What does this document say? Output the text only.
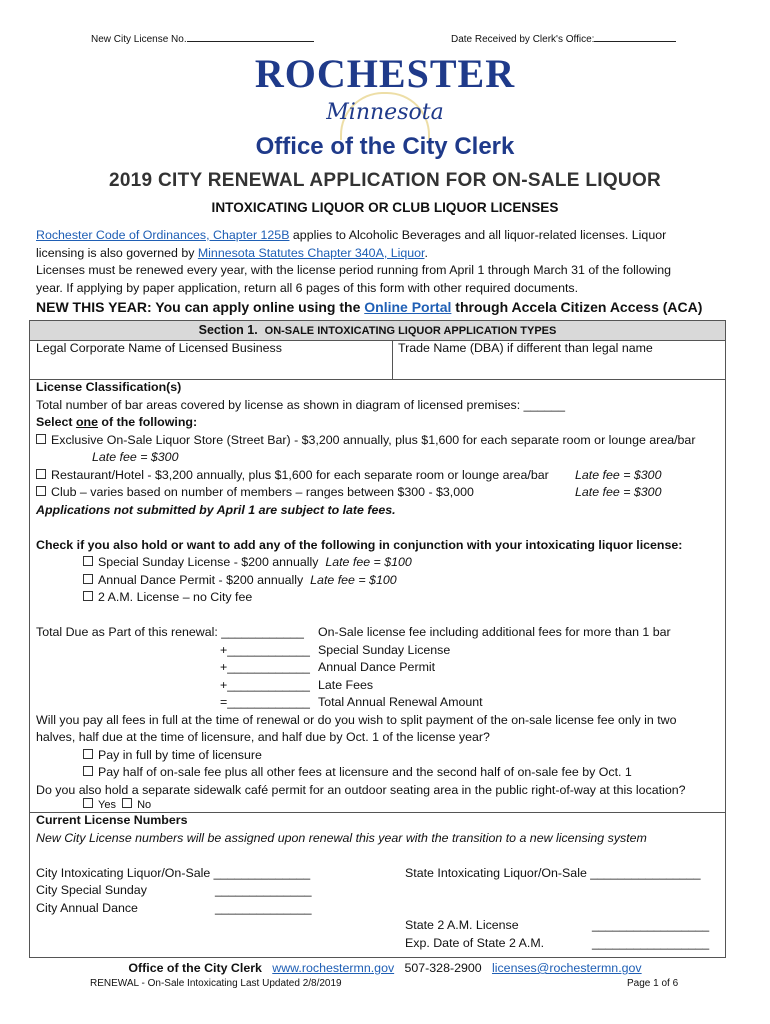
New City License No.	Date Received by Clerk's Office:
ROCHESTER
Minnesota
Office of the City Clerk
2019 CITY RENEWAL APPLICATION FOR ON-SALE LIQUOR
INTOXICATING LIQUOR OR CLUB LIQUOR LICENSES
Rochester Code of Ordinances, Chapter 125B applies to Alcoholic Beverages and all liquor-related licenses. Liquor
licensing is also governed by Minnesota Statutes Chapter 340A, Liquor.
Licenses must be renewed every year, with the license period running from April 1 through March 31 of the following
year. If applying by paper application, return all 6 pages of this form with other required documents.
NEW THIS YEAR: You can apply online using the Online Portal through Accela Citizen Access (ACA)
Section 1. ON-SALE INTOXICATING LIQUOR APPLICATION TYPES
Legal Corporate Name of Licensed Business	Trade Name (DBA) if different than legal name
License Classification(s)
Total number of bar areas covered by license as shown in diagram of licensed premises: ______
Select one of the following:
Exclusive On-Sale Liquor Store (Street Bar) - $3,200 annually, plus $1,600 for each separate room or lounge area/bar
Late fee = $300
Restaurant/Hotel - $3,200 annually, plus $1,600 for each separate room or lounge area/bar Late fee = $300
Club – varies based on number of members – ranges between $300 - $3,000	Late fee = $300
Applications not submitted by April 1 are subject to late fees.
Check if you also hold or want to add any of the following in conjunction with your intoxicating liquor license:
Special Sunday License - $200 annually Late fee = $100
Annual Dance Permit - $200 annually Late fee = $100
2 A.M. License – no City fee
Total Due as Part of this renewal: ____________ On-Sale license fee including additional fees for more than 1 bar
+____________ Special Sunday License
+____________ Annual Dance Permit
+____________ Late Fees
=____________ Total Annual Renewal Amount
Will you pay all fees in full at the time of renewal or do you wish to split payment of the on-sale license fee only in two
halves, half due at the time of licensure, and half due by Oct. 1 of the license year?
Pay in full by time of licensure
Pay half of on-sale fee plus all other fees at licensure and the second half of on-sale fee by Oct. 1
Do you also hold a separate sidewalk café permit for an outdoor seating area in the public right-of-way at this location?
Yes No
Current License Numbers
New City License numbers will be assigned upon renewal this year with the transition to a new licensing system
City Intoxicating Liquor/On-Sale ______________
City Special Sunday	______________
City Annual Dance	______________
State Intoxicating Liquor/On-Sale ________________
State 2 A.M. License	_________________
Exp. Date of State 2 A.M.	_________________
Office of the City Clerk www.rochestermn.gov 507-328-2900 licenses@rochestermn.gov
RENEWAL - On-Sale Intoxicating Last Updated 2/8/2019	Page 1 of 6
